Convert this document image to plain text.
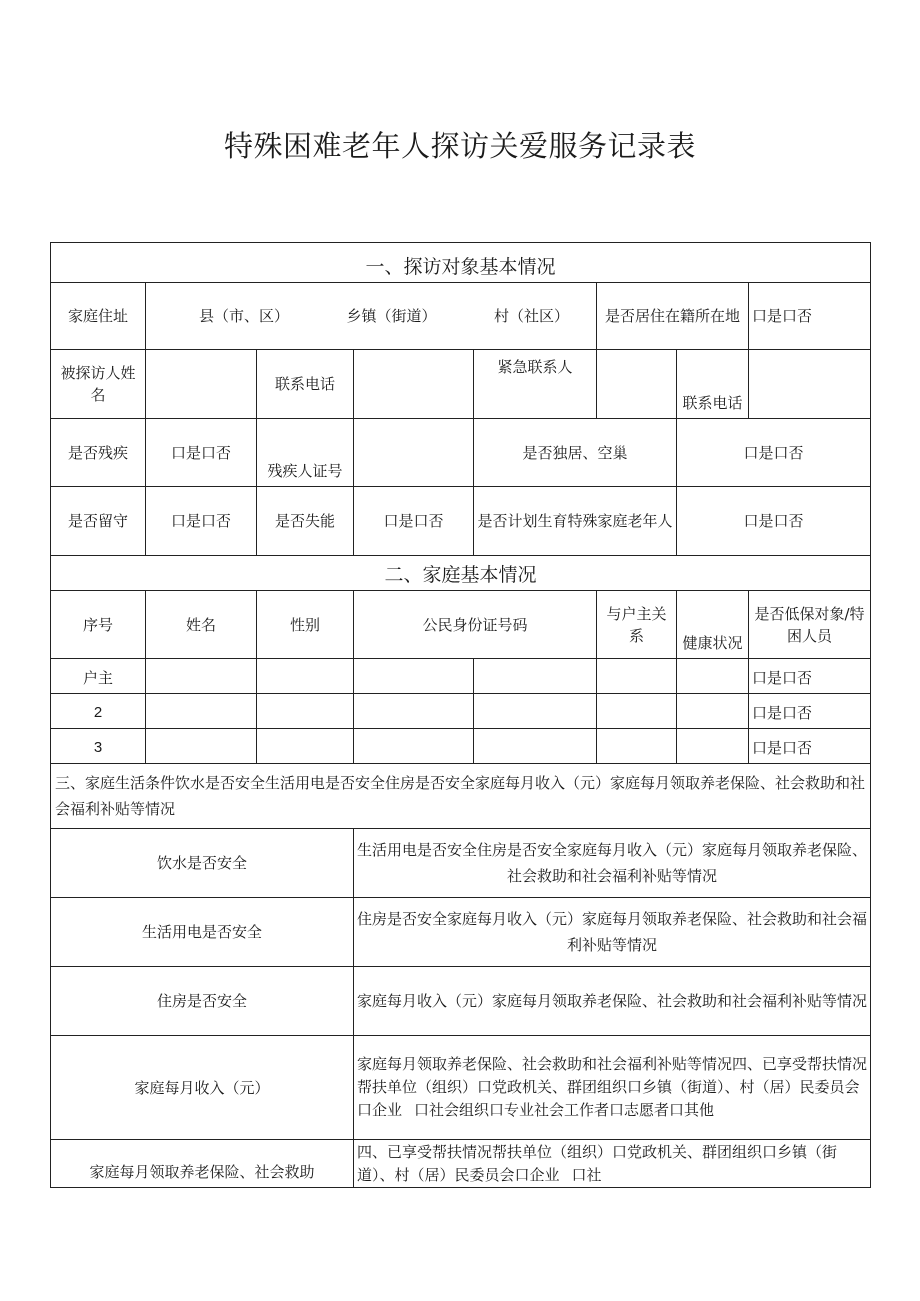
特殊困难老年人探访关爱服务记录表
一、探访对象基本情况							
家庭住址	县（市、区） 乡镇（街道） 村（社区）				是否居住在籍所在地		口是口否
被探访人姓名		联系电话		紧急联系人		联系电话	
是否残疾	口是口否	残疾人证号		是否独居、空巢		口是口否	
是否留守	口是口否	是否失能	口是口否	是否计划生育特殊家庭老年人		口是口否	
二、家庭基本情况							
序号	姓名	性别	公民身份证号码		与户主关系	健康状况	是否低保对象/特困人员
户主							口是口否
2							口是口否
3							口是口否
三、家庭生活条件饮水是否安全生活用电是否安全住房是否安全家庭每月收入（元）家庭每月领取养老保险、社会救助和社会福利补贴等情况							
饮水是否安全			生活用电是否安全住房是否安全家庭每月收入（元）家庭每月领取养老保险、社会救助和社会福利补贴等情况				
生活用电是否安全			住房是否安全家庭每月收入（元）家庭每月领取养老保险、社会救助和社会福利补贴等情况				
住房是否安全			家庭每月收入（元）家庭每月领取养老保险、社会救助和社会福利补贴等情况				
家庭每月收入（元）			家庭每月领取养老保险、社会救助和社会福利补贴等情况四、已享受帮扶情况帮扶单位（组织）口党政机关、群团组织口乡镇（街道）、村（居）民委员会口企业 口社会组织口专业社会工作者口志愿者口其他				
家庭每月领取养老保险、社会救助			四、已享受帮扶情况帮扶单位（组织）口党政机关、群团组织口乡镇（街道）、村（居）民委员会口企业 口社				
